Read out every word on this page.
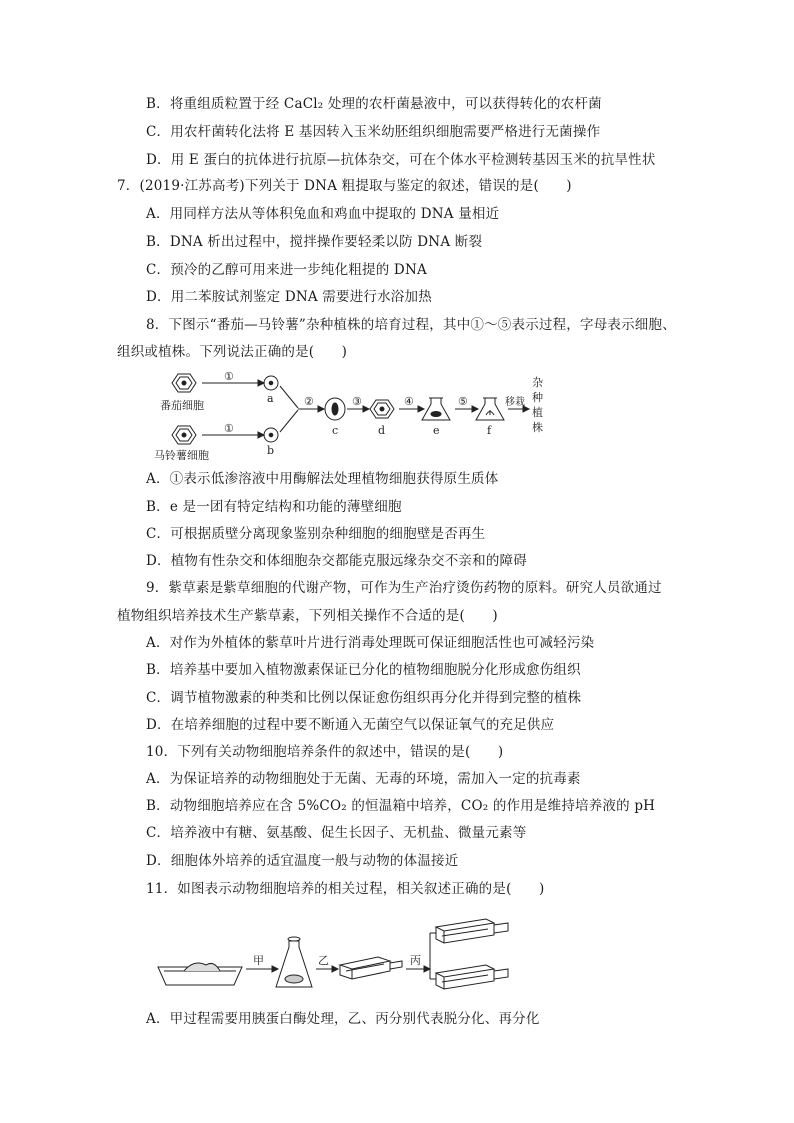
B．将重组质粒置于经 CaCl₂ 处理的农杆菌悬液中，可以获得转化的农杆菌
C．用农杆菌转化法将 E 基因转入玉米幼胚组织细胞需要严格进行无菌操作
D．用 E 蛋白的抗体进行抗原—抗体杂交，可在个体水平检测转基因玉米的抗旱性状
7．(2019·江苏高考)下列关于 DNA 粗提取与鉴定的叙述，错误的是(　　)
A．用同样方法从等体积兔血和鸡血中提取的 DNA 量相近
B．DNA 析出过程中，搅拌操作要轻柔以防 DNA 断裂
C．预冷的乙醇可用来进一步纯化粗提的 DNA
D．用二苯胺试剂鉴定 DNA 需要进行水浴加热
8．下图示“番茄—马铃薯”杂种植株的培育过程，其中①～⑤表示过程，字母表示细胞、
组织或植株。下列说法正确的是(　　)
番茄细胞
马铃薯细胞
①
①
a
b
②	③
c
④
d
⑤
e	f
移栽
杂
种
植
株
A．①表示低渗溶液中用酶解法处理植物细胞获得原生质体
B．e 是一团有特定结构和功能的薄壁细胞
C．可根据质壁分离现象鉴别杂种细胞的细胞壁是否再生
D．植物有性杂交和体细胞杂交都能克服远缘杂交不亲和的障碍
9．紫草素是紫草细胞的代谢产物，可作为生产治疗烫伤药物的原料。研究人员欲通过
植物组织培养技术生产紫草素，下列相关操作不合适的是(　　)
A．对作为外植体的紫草叶片进行消毒处理既可保证细胞活性也可减轻污染
B．培养基中要加入植物激素保证已分化的植物细胞脱分化形成愈伤组织
C．调节植物激素的种类和比例以保证愈伤组织再分化并得到完整的植株
D．在培养细胞的过程中要不断通入无菌空气以保证氧气的充足供应
10．下列有关动物细胞培养条件的叙述中，错误的是(　　)
A．为保证培养的动物细胞处于无菌、无毒的环境，需加入一定的抗毒素
B．动物细胞培养应在含 5%CO₂ 的恒温箱中培养，CO₂ 的作用是维持培养液的 pH
C．培养液中有糖、氨基酸、促生长因子、无机盐、微量元素等
D．细胞体外培养的适宜温度一般与动物的体温接近
11．如图表示动物细胞培养的相关过程，相关叙述正确的是(　　)
甲	乙	丙
A．甲过程需要用胰蛋白酶处理，乙、丙分别代表脱分化、再分化
